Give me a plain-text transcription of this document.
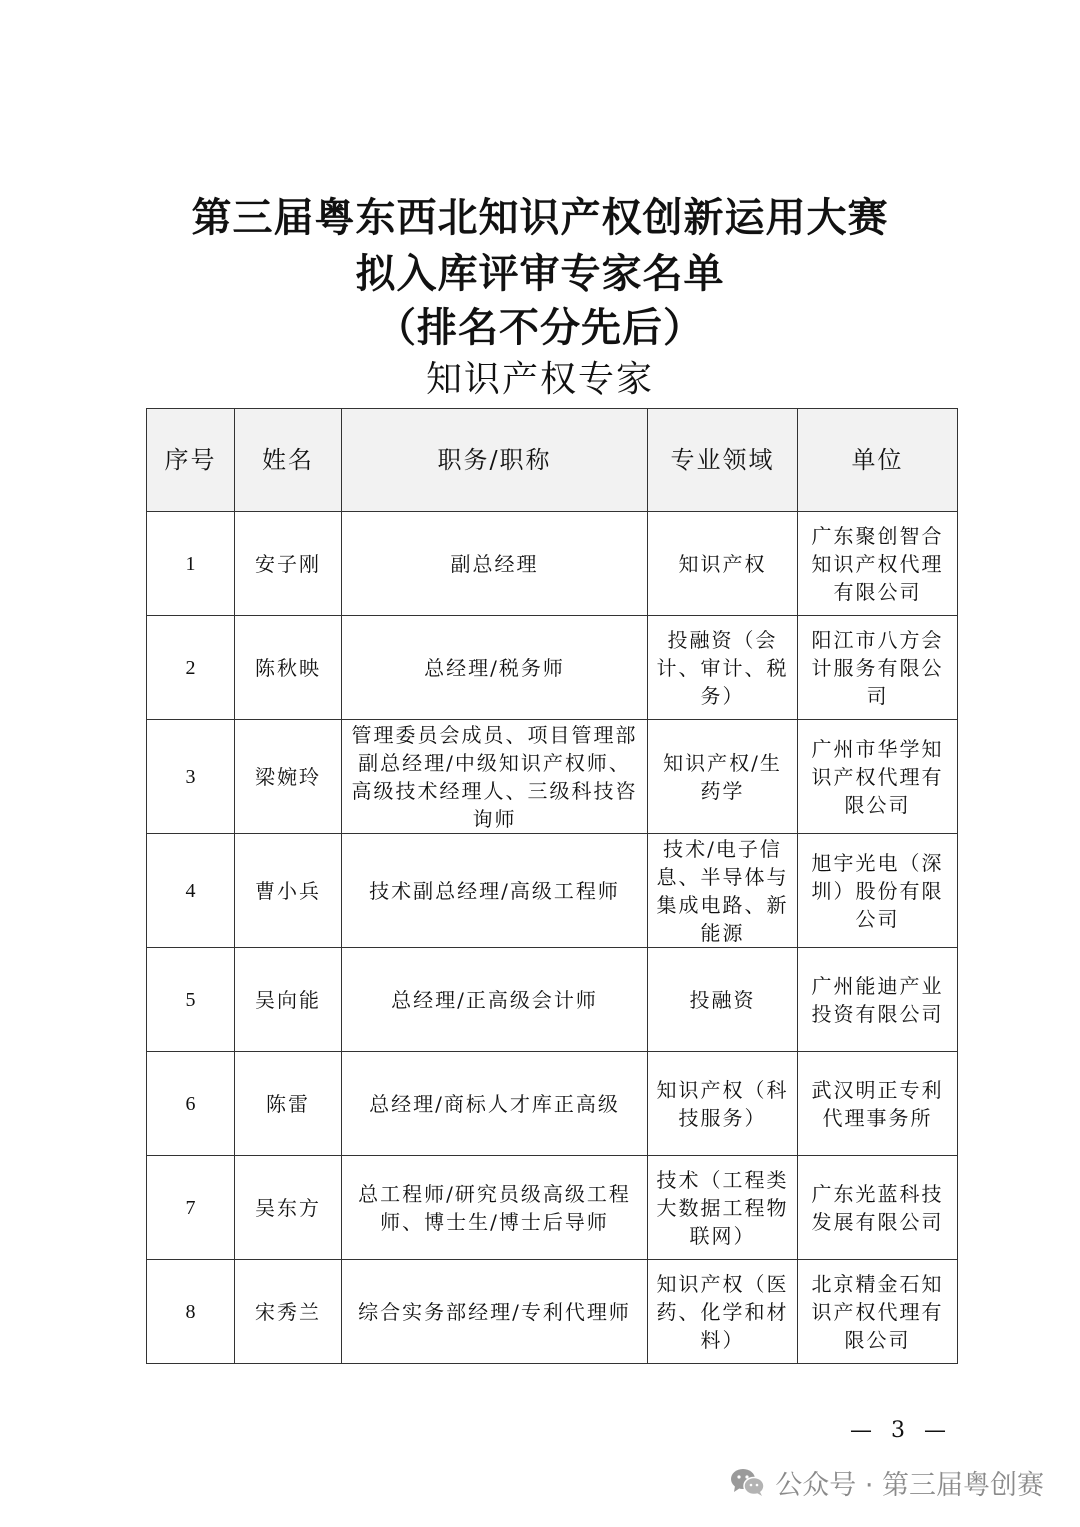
第三届粤东西北知识产权创新运用大赛
拟入库评审专家名单
（排名不分先后）
知识产权专家
序号	姓名	职务/职称	专业领域	单位
1	安子刚	副总经理	知识产权	广东聚创智合知识产权代理有限公司
2	陈秋映	总经理/税务师	投融资（会计、审计、税务）	阳江市八方会计服务有限公司
3	梁婉玲	管理委员会成员、项目管理部副总经理/中级知识产权师、高级技术经理人、三级科技咨询师	知识产权/生药学	广州市华学知识产权代理有限公司
4	曹小兵	技术副总经理/高级工程师	技术/电子信息、半导体与集成电路、新能源	旭宇光电（深圳）股份有限公司
5	吴向能	总经理/正高级会计师	投融资	广州能迪产业投资有限公司
6	陈雷	总经理/商标人才库正高级	知识产权（科技服务）	武汉明正专利代理事务所
7	吴东方	总工程师/研究员级高级工程师、博士生/博士后导师	技术（工程类大数据工程物联网）	广东光蓝科技发展有限公司
8	宋秀兰	综合实务部经理/专利代理师	知识产权（医药、化学和材料）	北京精金石知识产权代理有限公司
— 3 —
公众号 · 第三届粤创赛
